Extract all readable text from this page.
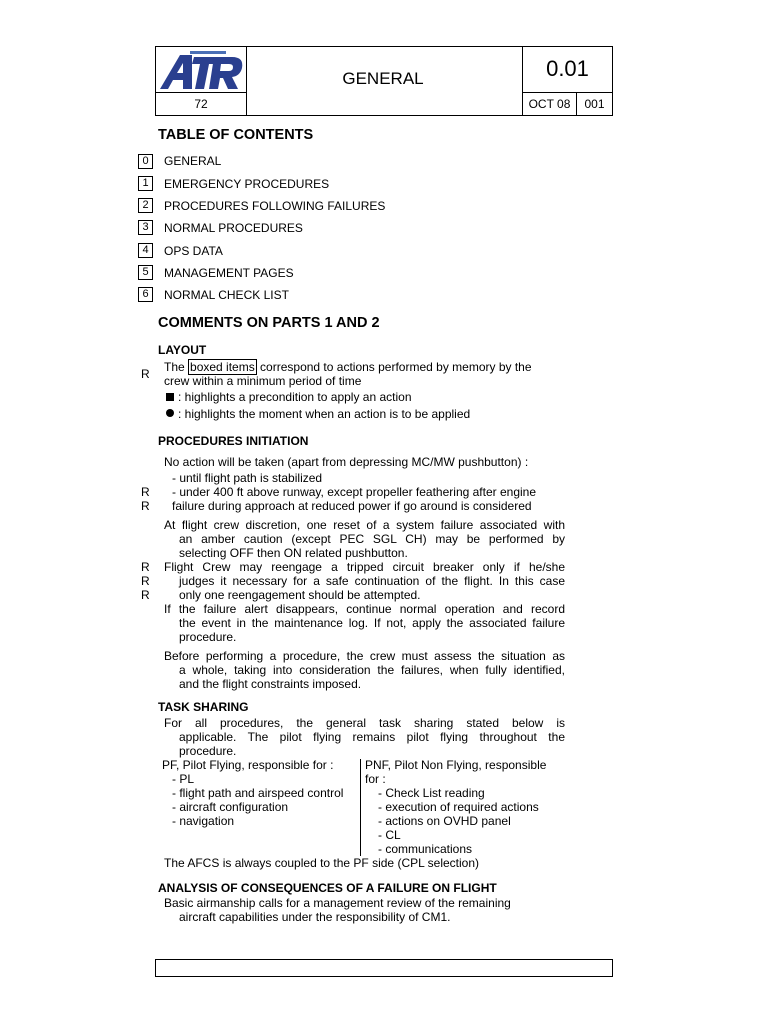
72
GENERAL	0.01
OCT 08	001
TABLE OF CONTENTS
0	GENERAL
1	EMERGENCY PROCEDURES
2	PROCEDURES FOLLOWING FAILURES
3	NORMAL PROCEDURES
4	OPS DATA
5	MANAGEMENT PAGES
6	NORMAL CHECK LIST
COMMENTS ON PARTS 1 AND 2
LAYOUT
The boxed items correspond to actions performed by memory by the
R crew within a minimum period of time
: highlights a precondition to apply an action
: highlights the moment when an action is to be applied
PROCEDURES INITIATION
No action will be taken (apart from depressing MC/MW pushbutton) :
- until flight path is stabilized
R - under 400 ft above runway, except propeller feathering after engine
R failure during approach at reduced power if go around is considered
At flight crew discretion, one reset of a system failure associated with
an amber caution (except PEC SGL CH) may be performed by
selecting OFF then ON related pushbutton.
R
R
R
Flight Crew may reengage a tripped circuit breaker only if he/she
judges it necessary for a safe continuation of the flight. In this case
only one reengagement should be attempted.
If the failure alert disappears, continue normal operation and record
the event in the maintenance log. If not, apply the associated failure
procedure.
Before performing a procedure, the crew must assess the situation as
a whole, taking into consideration the failures, when fully identified,
and the flight constraints imposed.
TASK SHARING
For all procedures, the general task sharing stated below is
applicable. The pilot flying remains pilot flying throughout the
procedure.
PF, Pilot Flying, responsible for :
- PL
- flight path and airspeed control
- aircraft configuration
- navigation
PNF, Pilot Non Flying, responsible
for :
- Check List reading
- execution of required actions
- actions on OVHD panel
- CL
- communications
The AFCS is always coupled to the PF side (CPL selection)
ANALYSIS OF CONSEQUENCES OF A FAILURE ON FLIGHT
Basic airmanship calls for a management review of the remaining
aircraft capabilities under the responsibility of CM1.
